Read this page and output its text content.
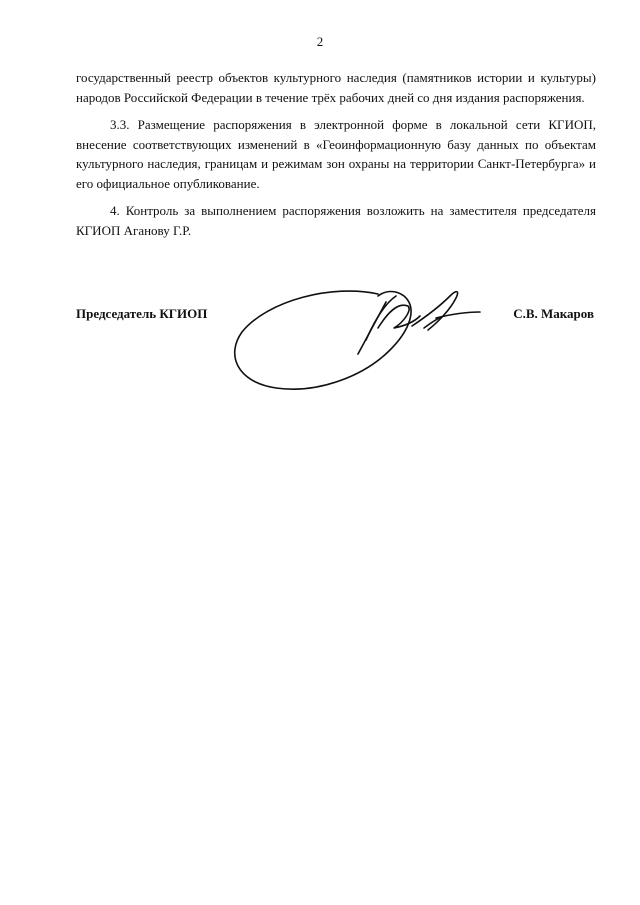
2

государственный реестр объектов культурного наследия (памятников истории и культуры) народов Российской Федерации в течение трёх рабочих дней со дня издания распоряжения.

3.3. Размещение распоряжения в электронной форме в локальной сети КГИОП, внесение соответствующих изменений в «Геоинформационную базу данных по объектам культурного наследия, границам и режимам зон охраны на территории Санкт-Петербурга» и его официальное опубликование.

4. Контроль за выполнением распоряжения возложить на заместителя председателя КГИОП Аганову Г.Р.

Председатель КГИОП	С.В. Макаров
